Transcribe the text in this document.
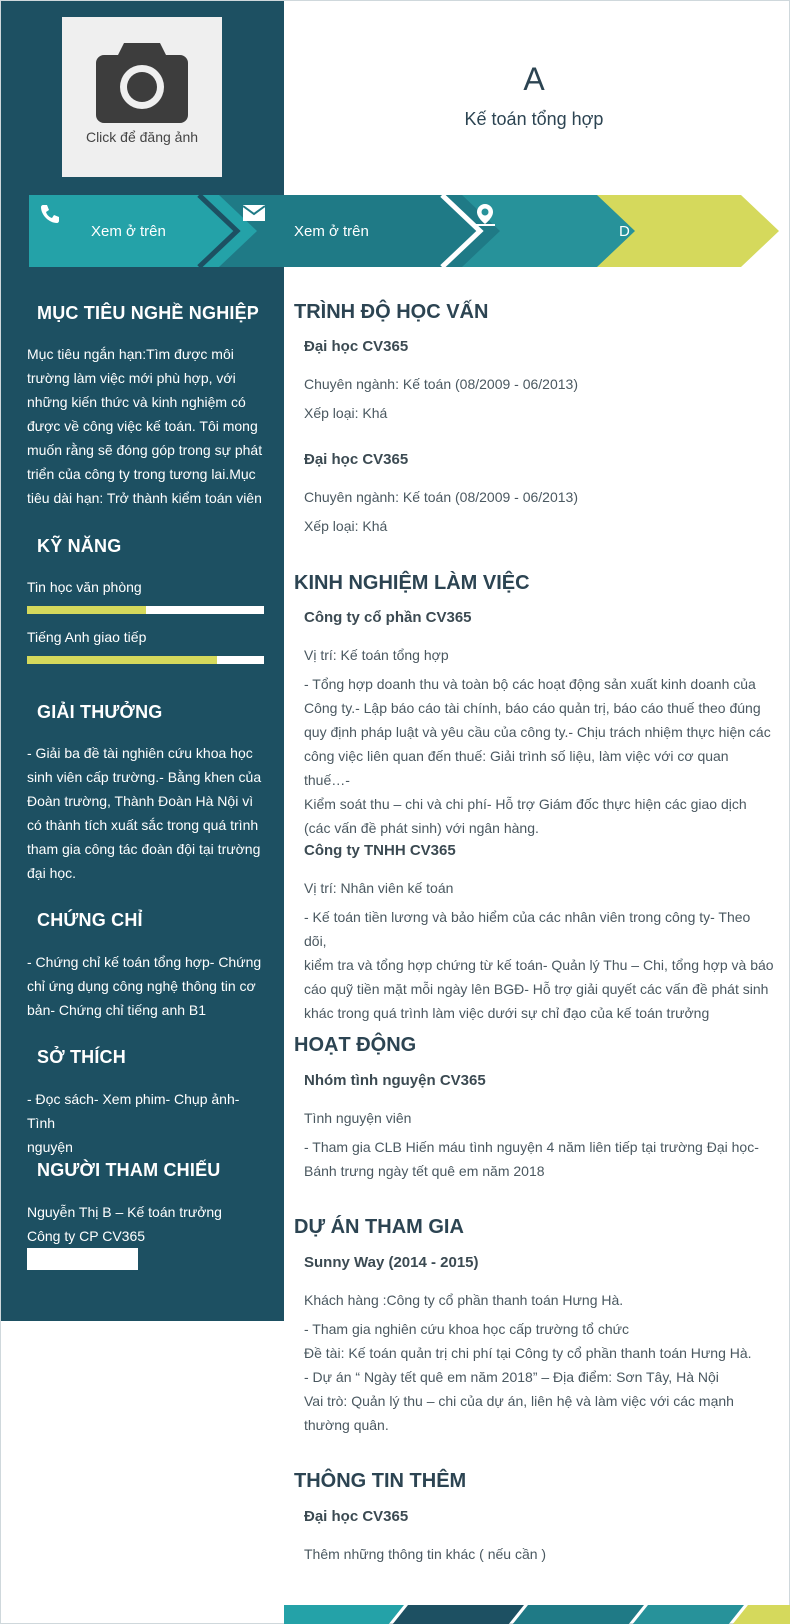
Click để đăng ảnh
A
Kế toán tổng hợp
Xem ở trên	Xem ở trên	D
MỤC TIÊU NGHỀ NGHIỆP
Mục tiêu ngắn hạn:Tìm được môi
trường làm việc mới phù hợp, với
những kiến thức và kinh nghiệm có
được về công việc kế toán. Tôi mong
muốn rằng sẽ đóng góp trong sự phát
triển của công ty trong tương lai.Mục
tiêu dài hạn: Trở thành kiểm toán viên
KỸ NĂNG
Tin học văn phòng
Tiếng Anh giao tiếp
GIẢI THƯỞNG
- Giải ba đề tài nghiên cứu khoa học
sinh viên cấp trường.- Bằng khen của
Đoàn trường, Thành Đoàn Hà Nội vì
có thành tích xuất sắc trong quá trình
tham gia công tác đoàn đội tại trường
đại học.
CHỨNG CHỈ
- Chứng chỉ kế toán tổng hợp- Chứng
chỉ ứng dụng công nghệ thông tin cơ
bản- Chứng chỉ tiếng anh B1
SỞ THÍCH
- Đọc sách- Xem phim- Chụp ảnh- Tình
nguyện
NGƯỜI THAM CHIẾU
Nguyễn Thị B – Kế toán trưởng
Công ty CP CV365
TRÌNH ĐỘ HỌC VẤN
Đại học CV365
Chuyên ngành: Kế toán (08/2009 - 06/2013)
Xếp loại: Khá
Đại học CV365
Chuyên ngành: Kế toán (08/2009 - 06/2013)
Xếp loại: Khá
KINH NGHIỆM LÀM VIỆC
Công ty cổ phần CV365
Vị trí: Kế toán tổng hợp
- Tổng hợp doanh thu và toàn bộ các hoạt động sản xuất kinh doanh của
Công ty.- Lập báo cáo tài chính, báo cáo quản trị, báo cáo thuế theo đúng
quy định pháp luật và yêu cầu của công ty.- Chịu trách nhiệm thực hiện các
công việc liên quan đến thuế: Giải trình số liệu, làm việc với cơ quan thuế…-
Kiểm soát thu – chi và chi phí- Hỗ trợ Giám đốc thực hiện các giao dịch
(các vấn đề phát sinh) với ngân hàng.
Công ty TNHH CV365
Vị trí: Nhân viên kế toán
- Kế toán tiền lương và bảo hiểm của các nhân viên trong công ty- Theo dõi,
kiểm tra và tổng hợp chứng từ kế toán- Quản lý Thu – Chi, tổng hợp và báo
cáo quỹ tiền mặt mỗi ngày lên BGĐ- Hỗ trợ giải quyết các vấn đề phát sinh
khác trong quá trình làm việc dưới sự chỉ đạo của kế toán trưởng
HOẠT ĐỘNG
Nhóm tình nguyện CV365
Tình nguyện viên
- Tham gia CLB Hiến máu tình nguyện 4 năm liên tiếp tại trường Đại học-
Bánh trưng ngày tết quê em năm 2018
DỰ ÁN THAM GIA
Sunny Way (2014 - 2015)
Khách hàng :Công ty cổ phần thanh toán Hưng Hà.
- Tham gia nghiên cứu khoa học cấp trường tổ chức
Đề tài: Kế toán quản trị chi phí tại Công ty cổ phần thanh toán Hưng Hà.
- Dự án “ Ngày tết quê em năm 2018” – Địa điểm: Sơn Tây, Hà Nội
Vai trò: Quản lý thu – chi của dự án, liên hệ và làm việc với các mạnh
thường quân.
THÔNG TIN THÊM
Đại học CV365
Thêm những thông tin khác ( nếu cần )
